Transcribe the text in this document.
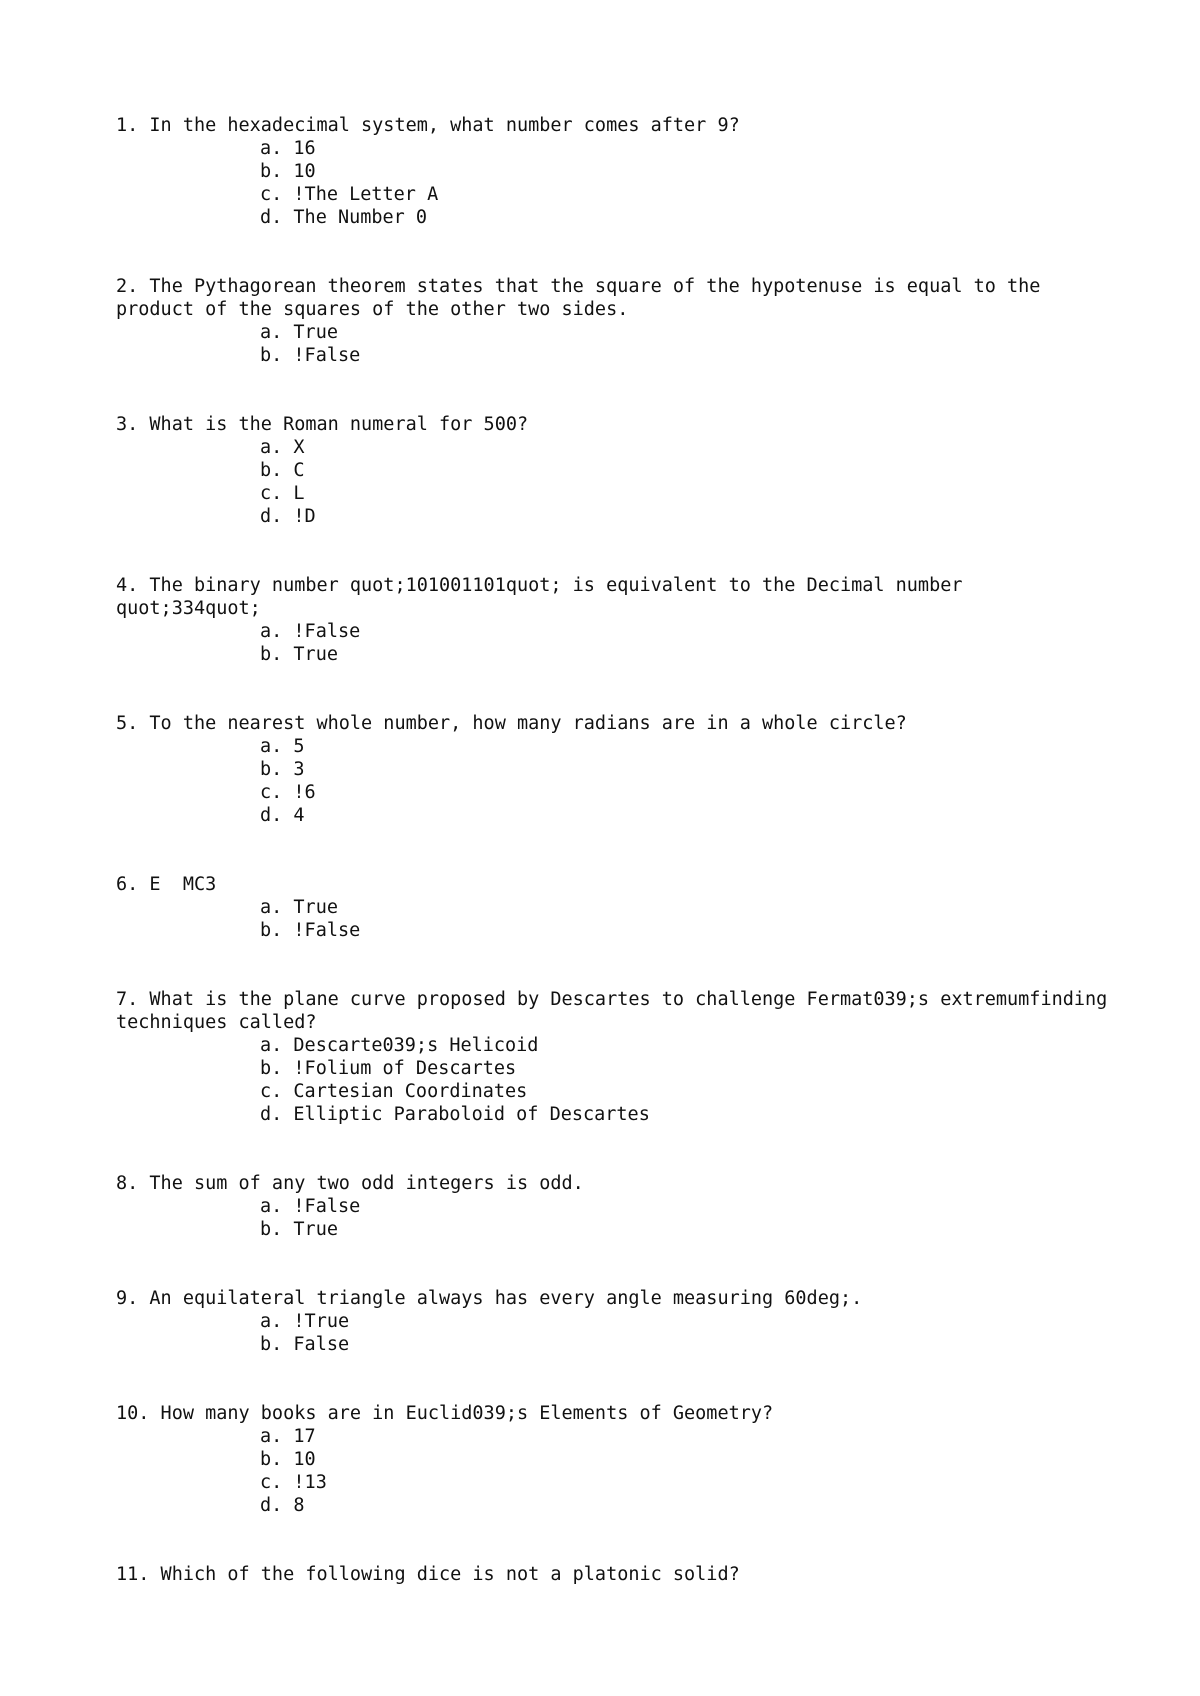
1. In the hexadecimal system, what number comes after 9?
a. 16
b. 10
c. !The Letter A
d. The Number 0
2. The Pythagorean theorem states that the square of the hypotenuse is equal to the product of the squares of the other two sides.
a. True
b. !False
3. What is the Roman numeral for 500?
a. X
b. C
c. L
d. !D
4. The binary number quot;101001101quot; is equivalent to the Decimal number quot;334quot;
a. !False
b. True
5. To the nearest whole number, how many radians are in a whole circle?
a. 5
b. 3
c. !6
d. 4
6. E  MC3
a. True
b. !False
7. What is the plane curve proposed by Descartes to challenge Fermat039;s extremumfinding techniques called?
a. Descarte039;s Helicoid
b. !Folium of Descartes
c. Cartesian Coordinates
d. Elliptic Paraboloid of Descartes
8. The sum of any two odd integers is odd.
a. !False
b. True
9. An equilateral triangle always has every angle measuring 60deg;.
a. !True
b. False
10. How many books are in Euclid039;s Elements of Geometry?
a. 17
b. 10
c. !13
d. 8
11. Which of the following dice is not a platonic solid?
